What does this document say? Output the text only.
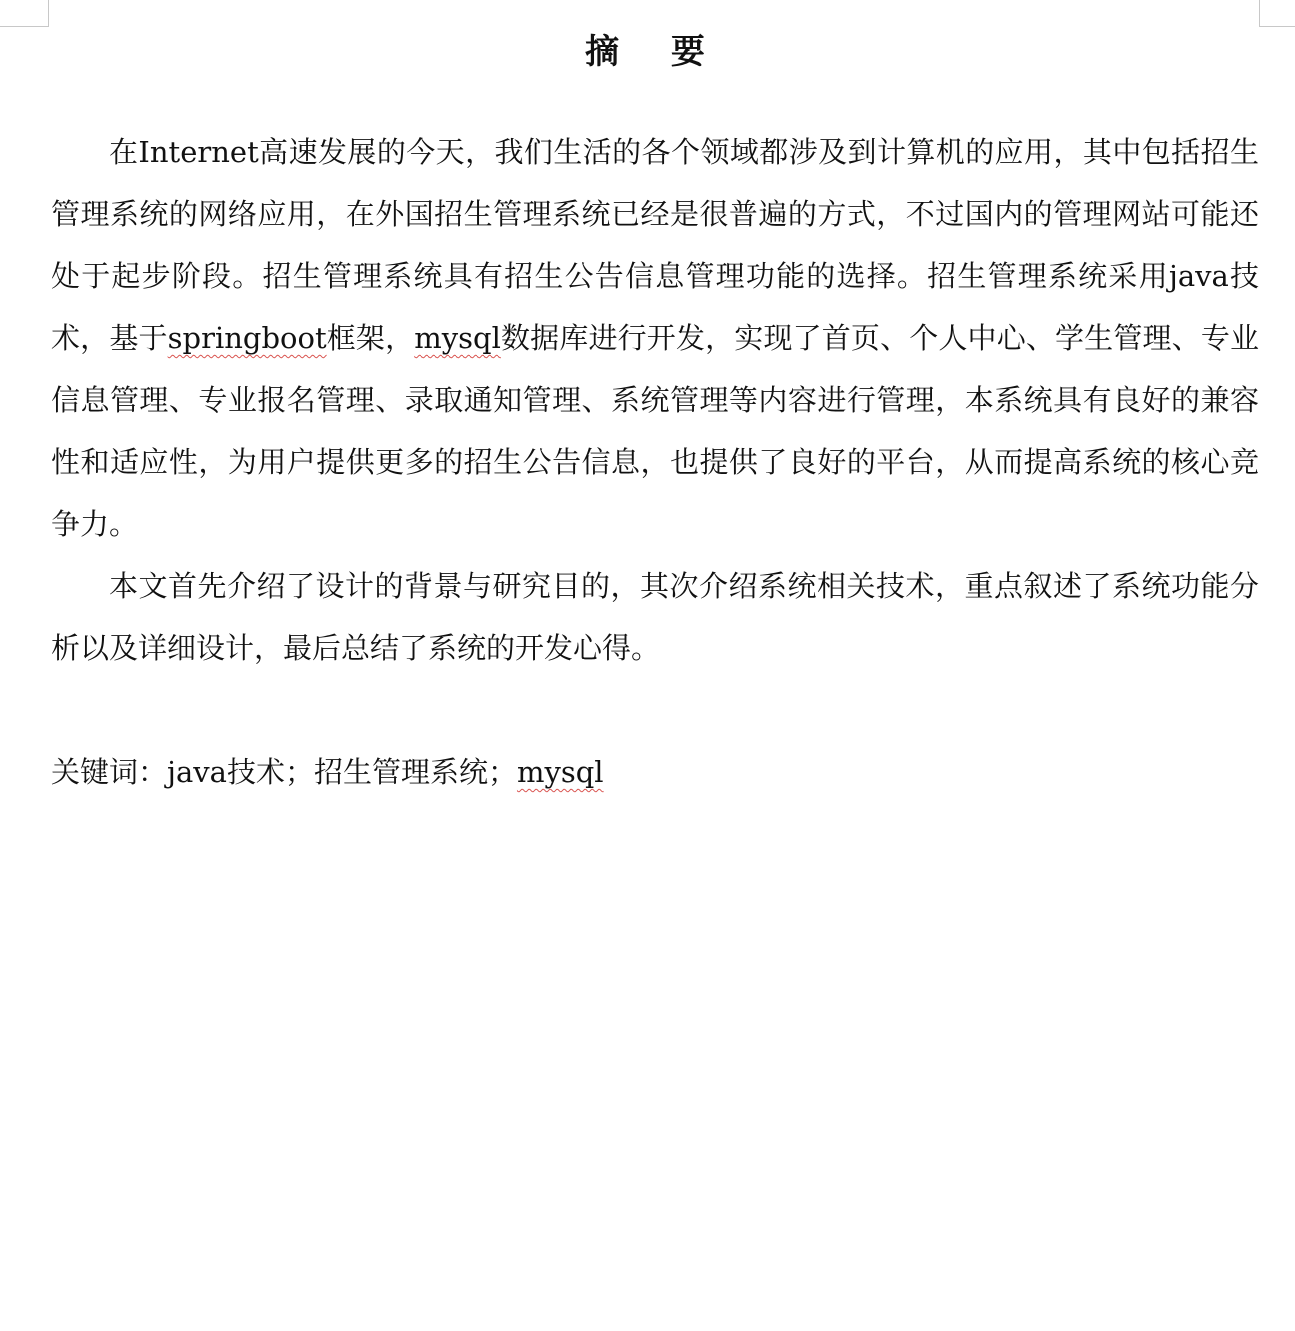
摘 要

在Internet高速发展的今天，我们生活的各个领域都涉及到计算机的应用，其中包括招生管理系统的网络应用，在外国招生管理系统已经是很普遍的方式，不过国内的管理网站可能还处于起步阶段。招生管理系统具有招生公告信息管理功能的选择。招生管理系统采用java技术，基于springboot框架，mysql数据库进行开发，实现了首页、个人中心、学生管理、专业信息管理、专业报名管理、录取通知管理、系统管理等内容进行管理，本系统具有良好的兼容性和适应性，为用户提供更多的招生公告信息，也提供了良好的平台，从而提高系统的核心竞争力。

本文首先介绍了设计的背景与研究目的，其次介绍系统相关技术，重点叙述了系统功能分析以及详细设计，最后总结了系统的开发心得。

关键词：java技术；招生管理系统；mysql
